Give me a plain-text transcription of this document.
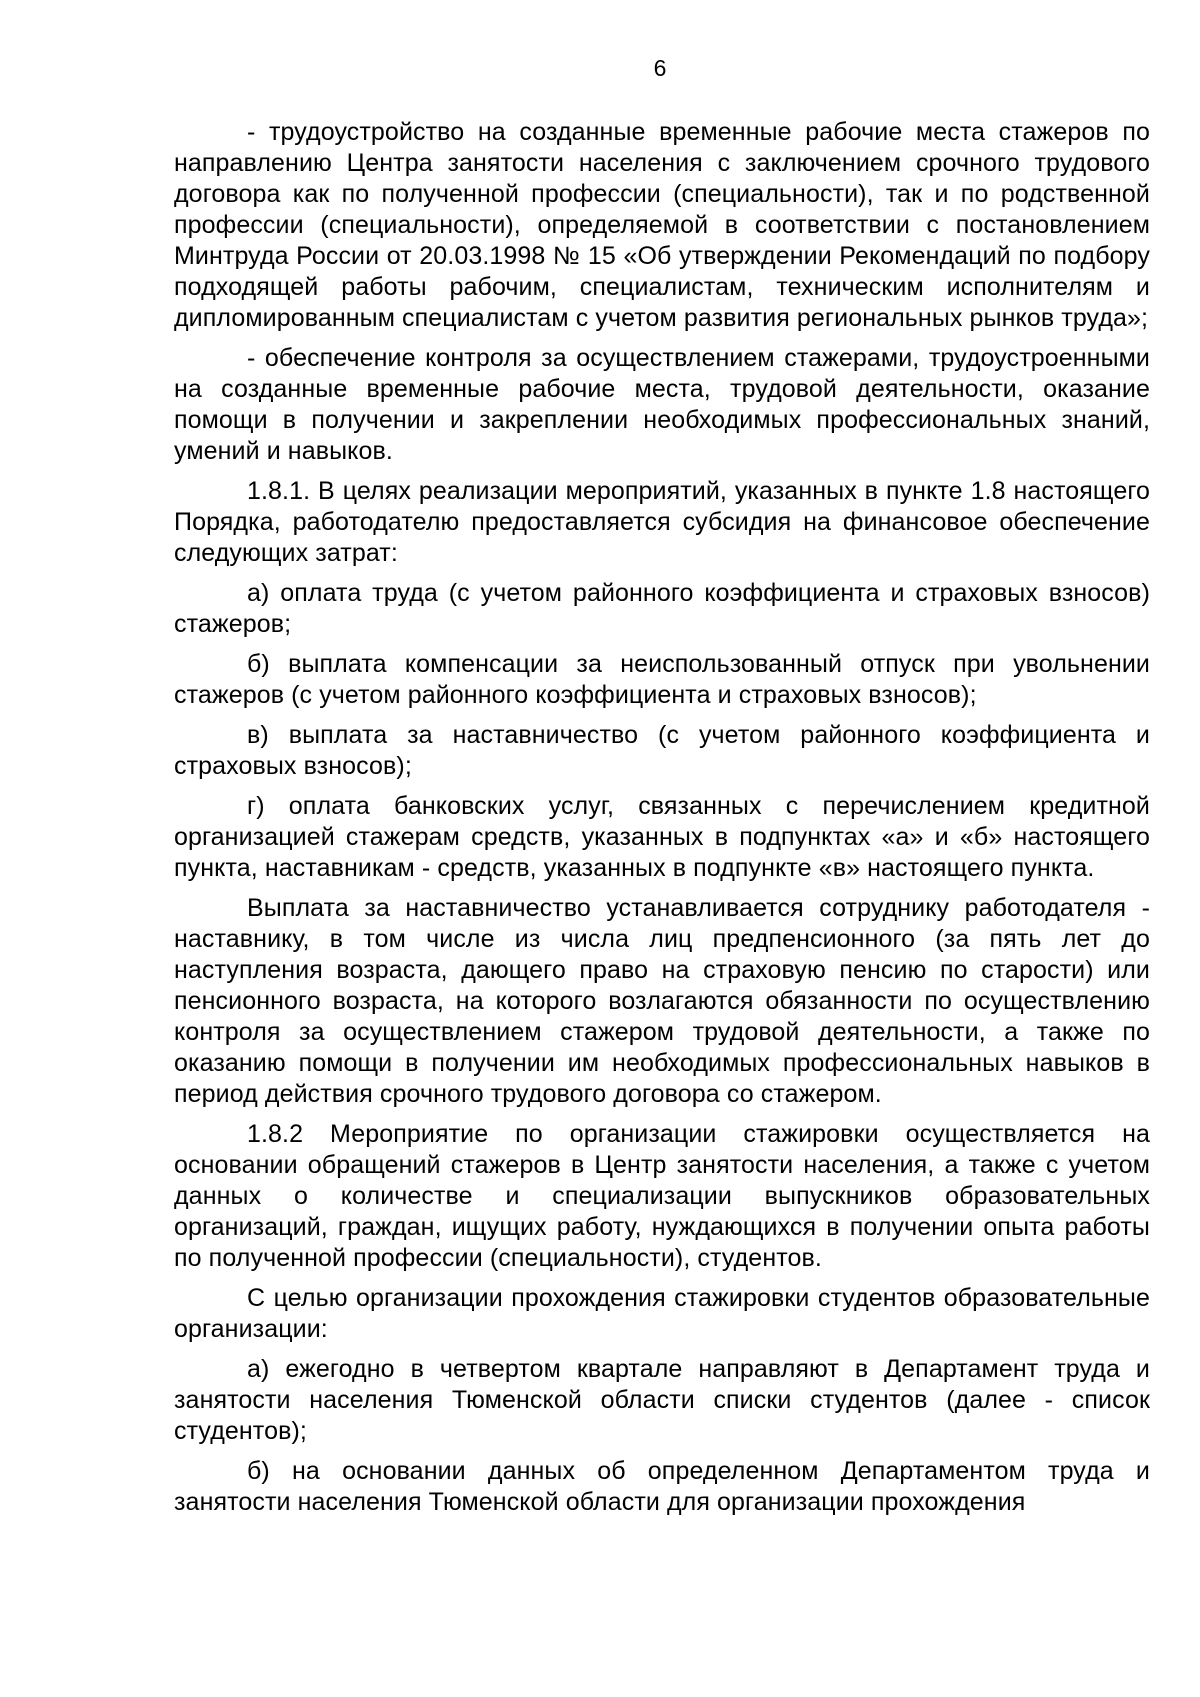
6

- трудоустройство на созданные временные рабочие места стажеров по направлению Центра занятости населения с заключением срочного трудового договора как по полученной профессии (специальности), так и по родственной профессии (специальности), определяемой в соответствии с постановлением Минтруда России от 20.03.1998 № 15 «Об утверждении Рекомендаций по подбору подходящей работы рабочим, специалистам, техническим исполнителям и дипломированным специалистам с учетом развития региональных рынков труда»;

- обеспечение контроля за осуществлением стажерами, трудоустроенными на созданные временные рабочие места, трудовой деятельности, оказание помощи в получении и закреплении необходимых профессиональных знаний, умений и навыков.

1.8.1. В целях реализации мероприятий, указанных в пункте 1.8 настоящего Порядка, работодателю предоставляется субсидия на финансовое обеспечение следующих затрат:

а) оплата труда (с учетом районного коэффициента и страховых взносов) стажеров;

б) выплата компенсации за неиспользованный отпуск при увольнении стажеров (с учетом районного коэффициента и страховых взносов);

в) выплата за наставничество (с учетом районного коэффициента и страховых взносов);

г) оплата банковских услуг, связанных с перечислением кредитной организацией стажерам средств, указанных в подпунктах «а» и «б» настоящего пункта, наставникам - средств, указанных в подпункте «в» настоящего пункта.

Выплата за наставничество устанавливается сотруднику работодателя - наставнику, в том числе из числа лиц предпенсионного (за пять лет до наступления возраста, дающего право на страховую пенсию по старости) или пенсионного возраста, на которого возлагаются обязанности по осуществлению контроля за осуществлением стажером трудовой деятельности, а также по оказанию помощи в получении им необходимых профессиональных навыков в период действия срочного трудового договора со стажером.

1.8.2 Мероприятие по организации стажировки осуществляется на основании обращений стажеров в Центр занятости населения, а также с учетом данных о количестве и специализации выпускников образовательных организаций, граждан, ищущих работу, нуждающихся в получении опыта работы по полученной профессии (специальности), студентов.

С целью организации прохождения стажировки студентов образовательные организации:

а) ежегодно в четвертом квартале направляют в Департамент труда и занятости населения Тюменской области списки студентов (далее - список студентов);

б) на основании данных об определенном Департаментом труда и занятости населения Тюменской области для организации прохождения
